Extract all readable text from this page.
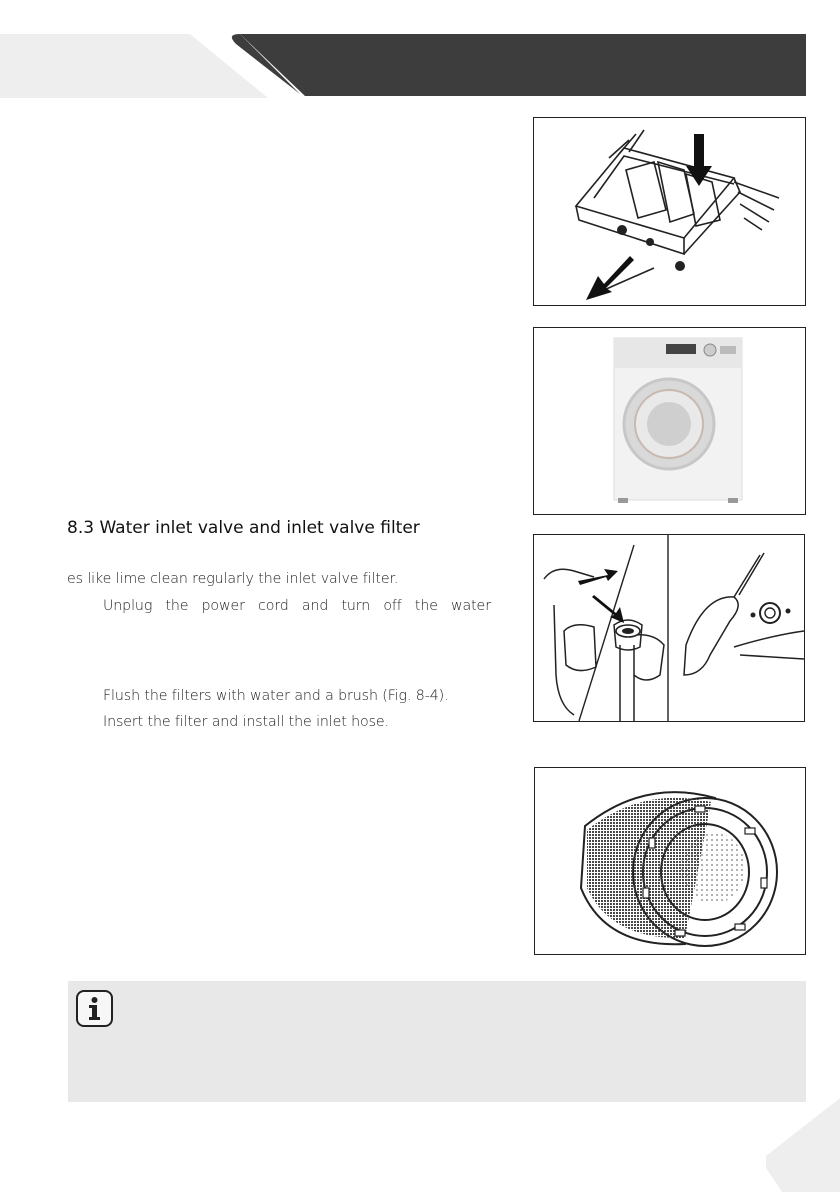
8.3 Water inlet valve and inlet valve filter
es like lime clean regularly the inlet valve filter.
Unplug the power cord and turn off the water
Flush the filters with water and a brush (Fig. 8-4).
Insert the filter and install the inlet hose.
